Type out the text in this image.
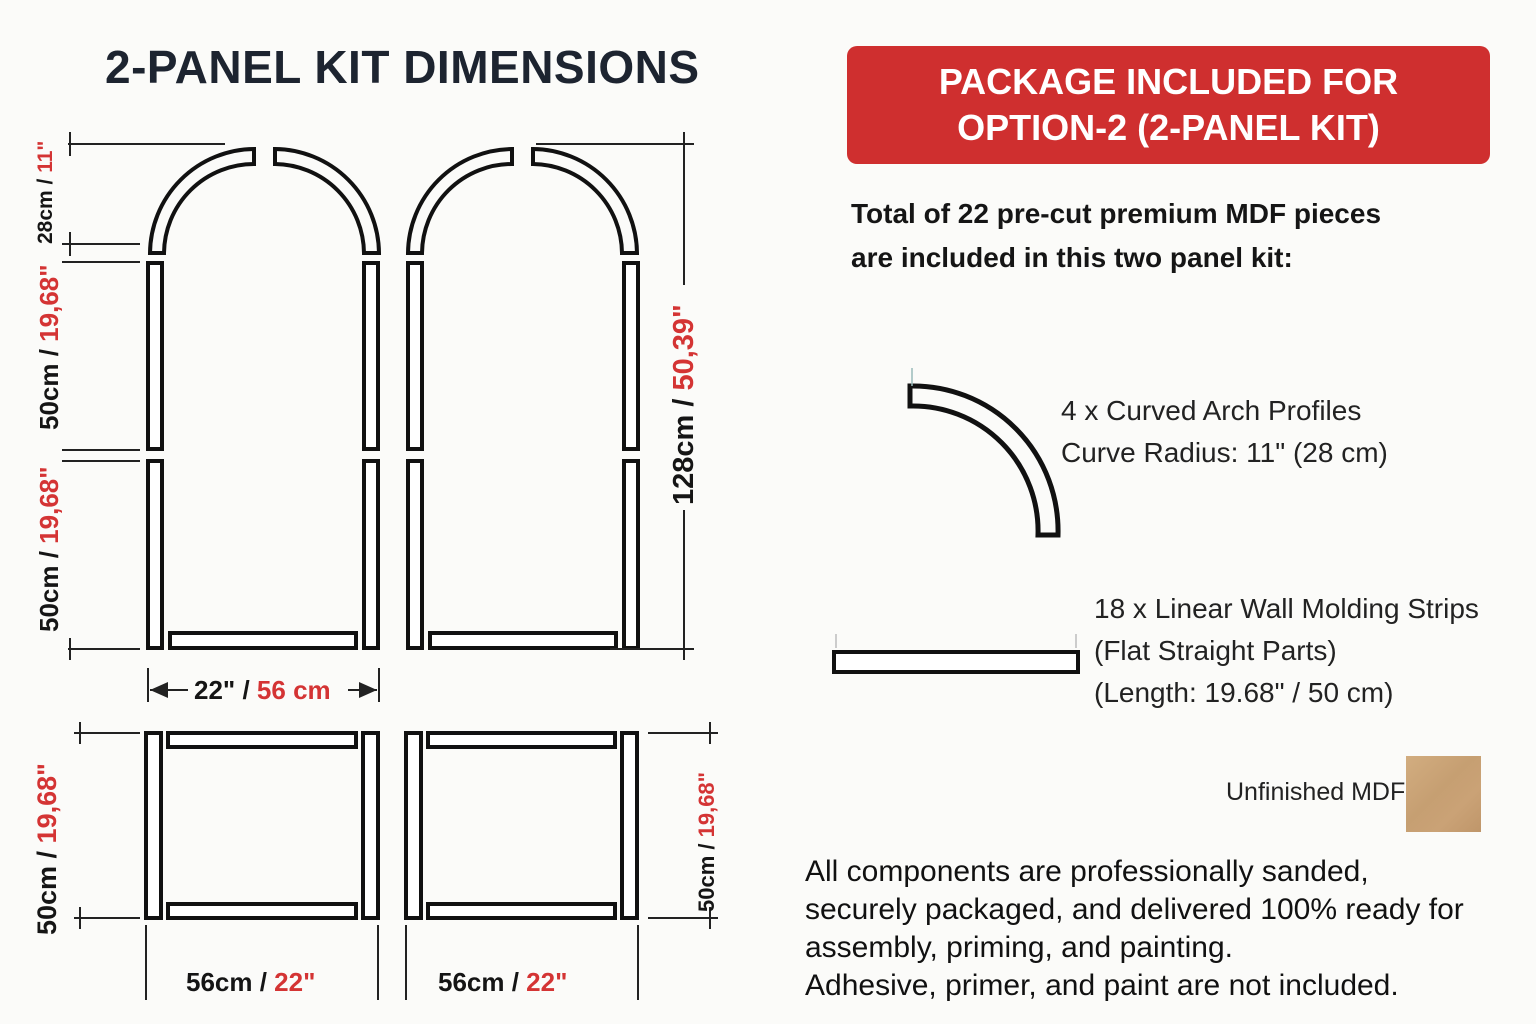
2-PANEL KIT DIMENSIONS	PACKAGE INCLUDED FOR
OPTION-2 (2-PANEL KIT)
Total of 22 pre-cut premium MDF pieces
are included in this two panel kit:
4 x Curved Arch Profiles
Curve Radius: 11" (28 cm)
18 x Linear Wall Molding Strips
(Flat Straight Parts)
(Length: 19.68" / 50 cm)
Unfinished MDF
All components are professionally sanded,
securely packaged, and delivered 100% ready for
assembly, priming, and painting.
Adhesive, primer, and paint are not included.
28cm / 11"
50cm / 19,68"
50cm / 19,68"
128cm / 50,39"
50cm / 19,68"
50cm / 19,68"
22" / 56 cm
56cm / 22"	56cm / 22"
